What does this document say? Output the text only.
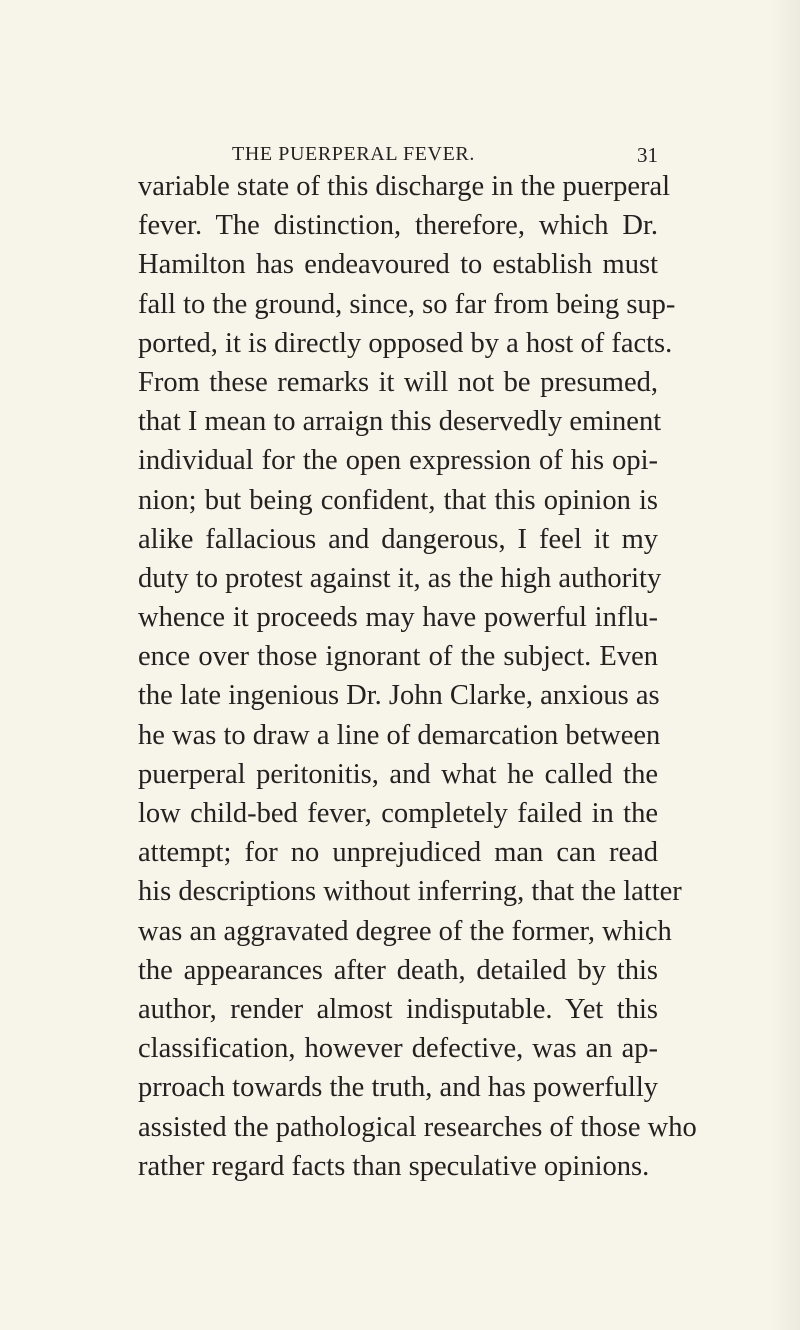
THE PUERPERAL FEVER.	31
variable state of this discharge in the puerperal
fever. The distinction, therefore, which Dr.
Hamilton has endeavoured to establish must
fall to the ground, since, so far from being sup-
ported, it is directly opposed by a host of facts.
From these remarks it will not be presumed,
that I mean to arraign this deservedly eminent
individual for the open expression of his opi-
nion; but being confident, that this opinion is
alike fallacious and dangerous, I feel it my
duty to protest against it, as the high authority
whence it proceeds may have powerful influ-
ence over those ignorant of the subject. Even
the late ingenious Dr. John Clarke, anxious as
he was to draw a line of demarcation between
puerperal peritonitis, and what he called the
low child-bed fever, completely failed in the
attempt; for no unprejudiced man can read
his descriptions without inferring, that the latter
was an aggravated degree of the former, which
the appearances after death, detailed by this
author, render almost indisputable. Yet this
classification, however defective, was an ap-
prroach towards the truth, and has powerfully
assisted the pathological researches of those who
rather regard facts than speculative opinions.
